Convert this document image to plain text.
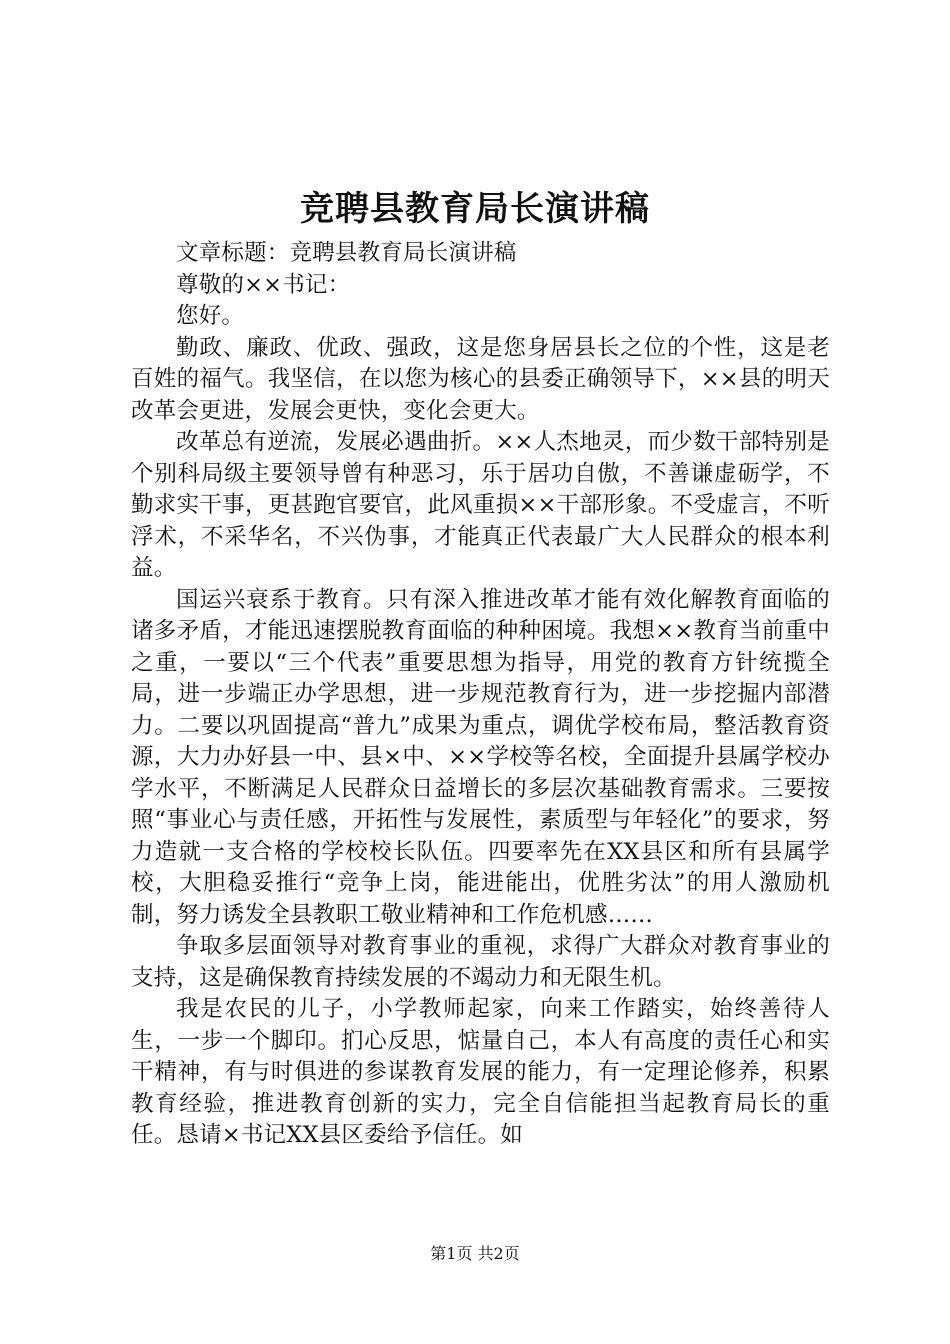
竞聘县教育局长演讲稿

文章标题：竞聘县教育局长演讲稿

尊敬的××书记：

您好。

勤政、廉政、优政、强政，这是您身居县长之位的个性，这是老百姓的福气。我坚信，在以您为核心的县委正确领导下，××县的明天改革会更进，发展会更快，变化会更大。

改革总有逆流，发展必遇曲折。××人杰地灵，而少数干部特别是个别科局级主要领导曾有种恶习，乐于居功自傲，不善谦虚砺学，不勤求实干事，更甚跑官要官，此风重损××干部形象。不受虚言，不听浮术，不采华名，不兴伪事，才能真正代表最广大人民群众的根本利益。

国运兴衰系于教育。只有深入推进改革才能有效化解教育面临的诸多矛盾，才能迅速摆脱教育面临的种种困境。我想××教育当前重中之重，一要以“三个代表”重要思想为指导，用党的教育方针统揽全局，进一步端正办学思想，进一步规范教育行为，进一步挖掘内部潜力。二要以巩固提高“普九”成果为重点，调优学校布局，整活教育资源，大力办好县一中、县×中、××学校等名校，全面提升县属学校办学水平，不断满足人民群众日益增长的多层次基础教育需求。三要按照“事业心与责任感，开拓性与发展性，素质型与年轻化”的要求，努力造就一支合格的学校校长队伍。四要率先在XX县区和所有县属学校，大胆稳妥推行“竞争上岗，能进能出，优胜劣汰”的用人激励机制，努力诱发全县教职工敬业精神和工作危机感……

争取多层面领导对教育事业的重视，求得广大群众对教育事业的支持，这是确保教育持续发展的不竭动力和无限生机。

我是农民的儿子，小学教师起家，向来工作踏实，始终善待人生，一步一个脚印。扪心反思，惦量自己，本人有高度的责任心和实干精神，有与时俱进的参谋教育发展的能力，有一定理论修养，积累教育经验，推进教育创新的实力，完全自信能担当起教育局长的重任。恳请×书记XX县区委给予信任。如

第1页 共2页
